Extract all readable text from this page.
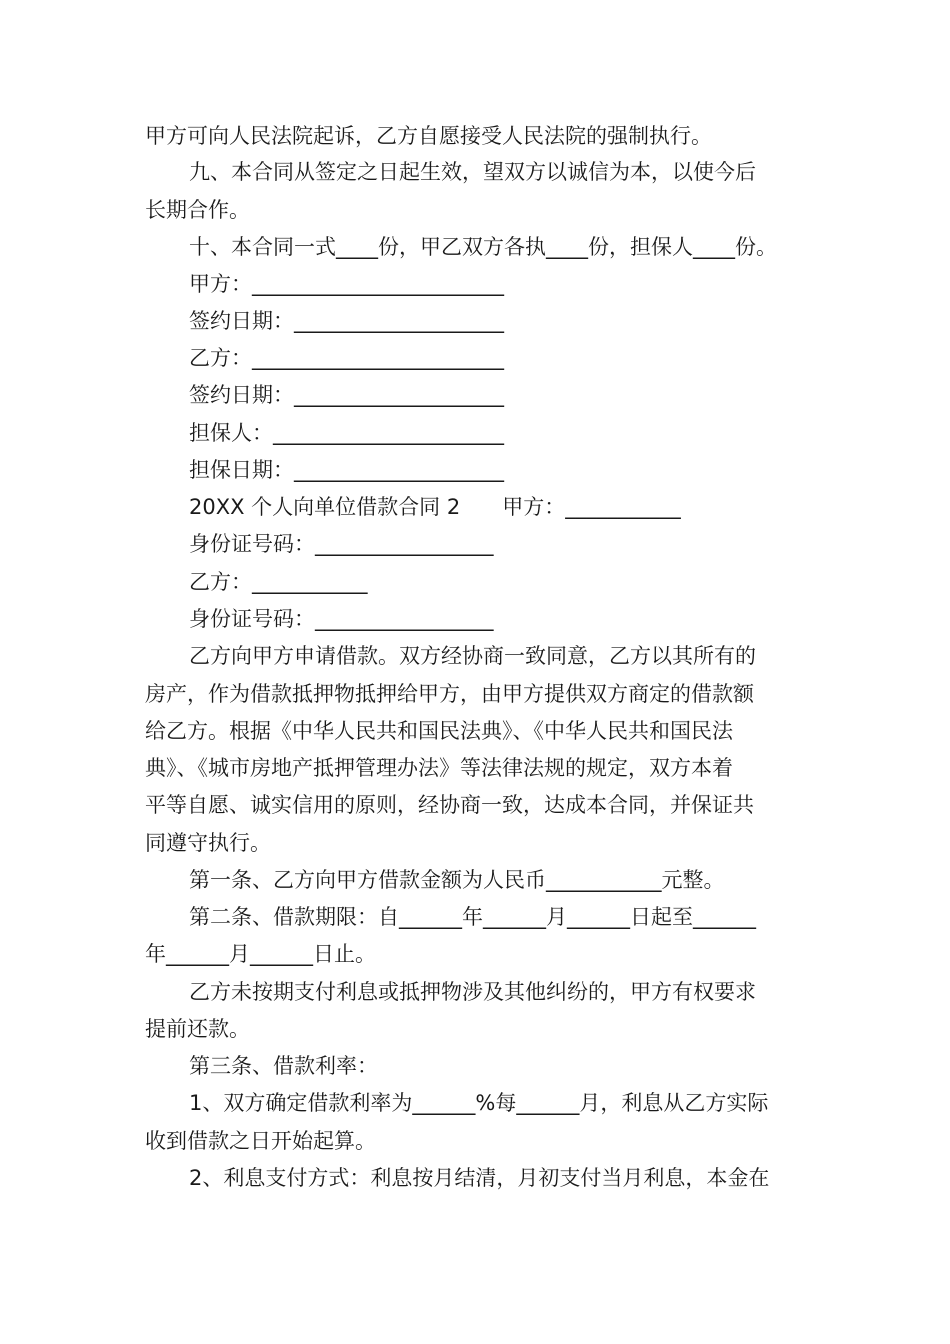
甲方可向人民法院起诉，乙方自愿接受人民法院的强制执行。

九、本合同从签定之日起生效，望双方以诚信为本，以使今后

长期合作。

十、本合同一式____份，甲乙双方各执____份，担保人____份。

甲方：________________________

签约日期：____________________

乙方：________________________

签约日期：____________________

担保人：______________________

担保日期：____________________

20XX 个人向单位借款合同 2　　甲方：___________

身份证号码：_________________

乙方：___________

身份证号码：_________________

乙方向甲方申请借款。双方经协商一致同意，乙方以其所有的

房产，作为借款抵押物抵押给甲方，由甲方提供双方商定的借款额

给乙方。根据《中华人民共和国民法典》、《中华人民共和国民法

典》、《城市房地产抵押管理办法》等法律法规的规定，双方本着

平等自愿、诚实信用的原则，经协商一致，达成本合同，并保证共

同遵守执行。

第一条、乙方向甲方借款金额为人民币___________元整。

第二条、借款期限：自______年______月______日起至______

年______月______日止。

乙方未按期支付利息或抵押物涉及其他纠纷的，甲方有权要求

提前还款。

第三条、借款利率：

1、双方确定借款利率为______%每______月，利息从乙方实际

收到借款之日开始起算。

2、利息支付方式：利息按月结清，月初支付当月利息，本金在
